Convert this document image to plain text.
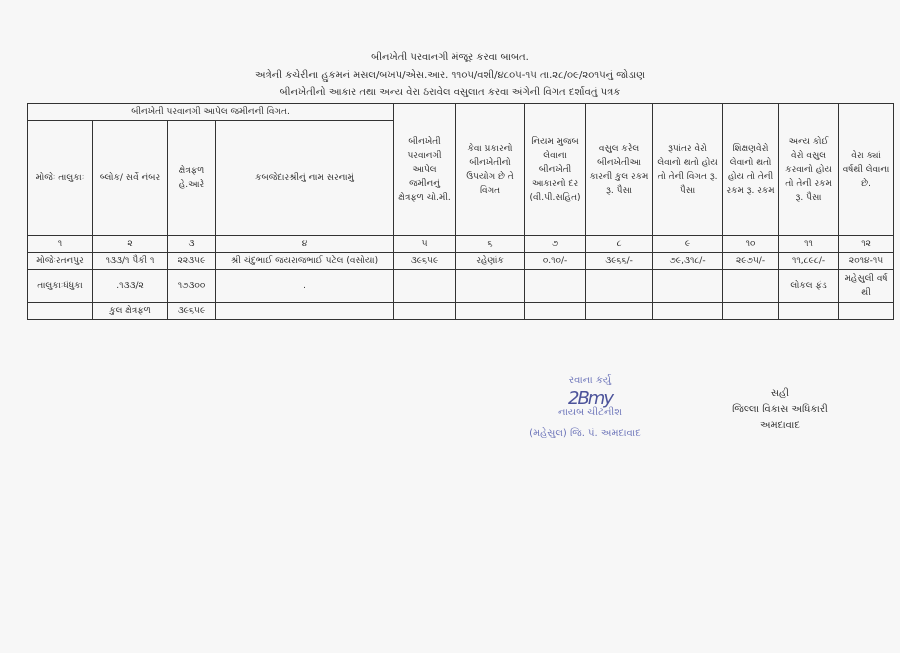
બીનખેતી પરવાનગી મંજૂર કરવા બાબત.
અત્રેની કચેરીના હુકમનં મસલ/બખપ/એસ.આર. ૧૧૦૫/વશી/૪૮૦૫-૧૫ તા.૨૮/૦૯/૨૦૧૫નું જોડાણ
બીનખેતીનો આકાર તથા અન્ય વેરા ઠરાવેલ વસુલાત કરવા અંગેની વિગત દર્શાવતું પત્રક
બીનખેતી પરવાનગી આપેલ જમીનની વિગત.				બીનખેતી પરવાનગી આપેલ જમીનનું ક્ષેત્રફળ ચો.મી.	કેવા પ્રકારનો બીનખેતીનો ઉપયોગ છે તે વિગત	નિયમ મુજબ લેવાના બીનખેતી આકારનો દર (વી.પી.સહિત)	વસુલ કરેલ બીનખેતીઆ કારની કુલ રકમ રૂ. પૈસા	રૂપાંતર વેરો લેવાનો થતો હોય તો તેની વિગત રૂ. પૈસા	શિક્ષણવેરો લેવાનો થતો હોય તો તેની રકમ રૂ. રકમ	અન્ય કોઈ વેરો વસુલ કરવાનો હોય તો તેની રકમ રૂ. પૈસા	વેરા ક્યાં વર્ષથી લેવાના છે.
મોજેઃ તાલુકાઃ	બ્લોક/ સર્વે નંબર	ક્ષેત્રફળ હે.આરે	કબજેદારશ્રીનું નામ સરનામું								
૧	૨	૩	૪	૫	૬	૭	૮	૯	૧૦	૧૧	૧૨
મોજેઃરતનપુર	૧૩૩/૧ પૈકી ૧	૨૨૩૫૯	શ્રી ચંદુભાઈ જયરાજભાઈ પટેલ (વસોયા)	૩૯૬૫૯	રહેણાંક	૦.૧૦/-	૩૯૬૬/-	૭૯,૩૧૮/-	૨૯૭૫/-	૧૧,૮૯૮/-	૨૦૧૪-૧૫
તાલુકાઃધંધુકા	.૧૩૩/૨	૧૭૩૦૦	.							લોકલ ફંડ	મહેસુલી વર્ષ થી
	કુલ ક્ષેત્રફળ	૩૯૬૫૯									
રવાના કર્યુ
2Bmy
નાયબ ચીટનીશ
(મહેસુલ) જિ. પં. અમદાવાદ
સહી
જિલ્લા વિકાસ અધિકારી
અમદાવાદ
